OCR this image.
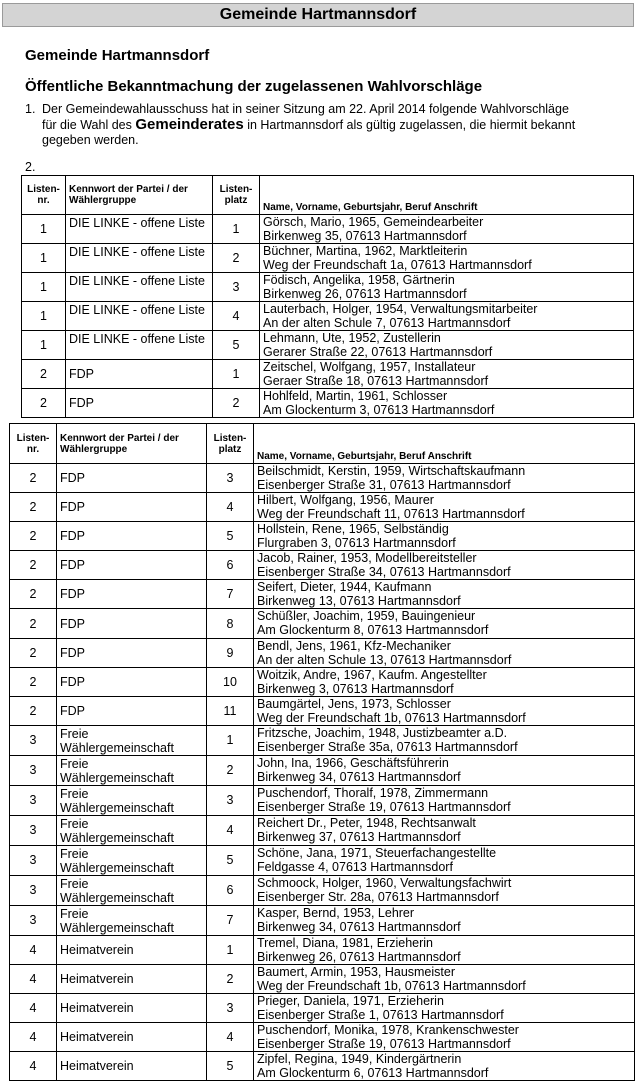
Gemeinde Hartmannsdorf
Gemeinde Hartmannsdorf
Öffentliche Bekanntmachung der zugelassenen Wahlvorschläge
1. Der Gemeindewahlausschuss hat in seiner Sitzung am 22. April 2014 folgende Wahlvorschläge für die Wahl des Gemeinderates in Hartmannsdorf als gültig zugelassen, die hiermit bekannt gegeben werden.
2.
Listen-nr.	Kennwort der Partei / der Wählergruppe	Listen-platz	Name, Vorname, Geburtsjahr, Beruf Anschrift
1	DIE LINKE - offene Liste	1	Görsch, Mario, 1965, Gemeindearbeiter
Birkenweg 35, 07613 Hartmannsdorf

1	DIE LINKE - offene Liste	2	Büchner, Martina, 1962, Marktleiterin
Weg der Freundschaft 1a, 07613 Hartmannsdorf

1	DIE LINKE - offene Liste	3	Födisch, Angelika, 1958, Gärtnerin
Birkenweg 26, 07613 Hartmannsdorf

1	DIE LINKE - offene Liste	4	Lauterbach, Holger, 1954, Verwaltungsmitarbeiter
An der alten Schule 7, 07613 Hartmannsdorf

1	DIE LINKE - offene Liste	5	Lehmann, Ute, 1952, Zustellerin
Gerarer Straße 22, 07613 Hartmannsdorf

2	FDP	1	Zeitschel, Wolfgang, 1957, Installateur
Geraer Straße 18, 07613 Hartmannsdorf

2	FDP	2	Hohlfeld, Martin, 1961, Schlosser
Am Glockenturm 3, 07613 Hartmannsdorf
Listen-nr.	Kennwort der Partei / der Wählergruppe	Listen-platz	Name, Vorname, Geburtsjahr, Beruf Anschrift
2	FDP	3	Beilschmidt, Kerstin, 1959, Wirtschaftskaufmann
Eisenberger Straße 31, 07613 Hartmannsdorf

2	FDP	4	Hilbert, Wolfgang, 1956, Maurer
Weg der Freundschaft 11, 07613 Hartmannsdorf

2	FDP	5	Hollstein, Rene, 1965, Selbständig
Flurgraben 3, 07613 Hartmannsdorf

2	FDP	6	Jacob, Rainer, 1953, Modellbereitsteller
Eisenberger Straße 34, 07613 Hartmannsdorf

2	FDP	7	Seifert, Dieter, 1944, Kaufmann
Birkenweg 13, 07613 Hartmannsdorf

2	FDP	8	Schüßler, Joachim, 1959, Bauingenieur
Am Glockenturm 8, 07613 Hartmannsdorf

2	FDP	9	Bendl, Jens, 1961, Kfz-Mechaniker
An der alten Schule 13, 07613 Hartmannsdorf

2	FDP	10	Woitzik, Andre, 1967, Kaufm. Angestellter
Birkenweg 3, 07613 Hartmannsdorf

2	FDP	11	Baumgärtel, Jens, 1973, Schlosser
Weg der Freundschaft 1b, 07613 Hartmannsdorf

3	Freie Wählergemeinschaft	1	Fritzsche, Joachim, 1948, Justizbeamter a.D.
Eisenberger Straße 35a, 07613 Hartmannsdorf

3	Freie Wählergemeinschaft	2	John, Ina, 1966, Geschäftsführerin
Birkenweg 34, 07613 Hartmannsdorf

3	Freie Wählergemeinschaft	3	Puschendorf, Thoralf, 1978, Zimmermann
Eisenberger Straße 19, 07613 Hartmannsdorf

3	Freie Wählergemeinschaft	4	Reichert Dr., Peter, 1948, Rechtsanwalt
Birkenweg 37, 07613 Hartmannsdorf

3	Freie Wählergemeinschaft	5	Schöne, Jana, 1971, Steuerfachangestellte
Feldgasse 4, 07613 Hartmannsdorf

3	Freie Wählergemeinschaft	6	Schmoock, Holger, 1960, Verwaltungsfachwirt
Eisenberger Str. 28a, 07613 Hartmannsdorf

3	Freie Wählergemeinschaft	7	Kasper, Bernd, 1953, Lehrer
Birkenweg 34, 07613 Hartmannsdorf

4	Heimatverein	1	Tremel, Diana, 1981, Erzieherin
Birkenweg 26, 07613 Hartmannsdorf

4	Heimatverein	2	Baumert, Armin, 1953, Hausmeister
Weg der Freundschaft 1b, 07613 Hartmannsdorf

4	Heimatverein	3	Prieger, Daniela, 1971, Erzieherin
Eisenberger Straße 1, 07613 Hartmannsdorf

4	Heimatverein	4	Puschendorf, Monika, 1978, Krankenschwester
Eisenberger Straße 19, 07613 Hartmannsdorf

4	Heimatverein	5	Zipfel, Regina, 1949, Kindergärtnerin
Am Glockenturm 6, 07613 Hartmannsdorf
